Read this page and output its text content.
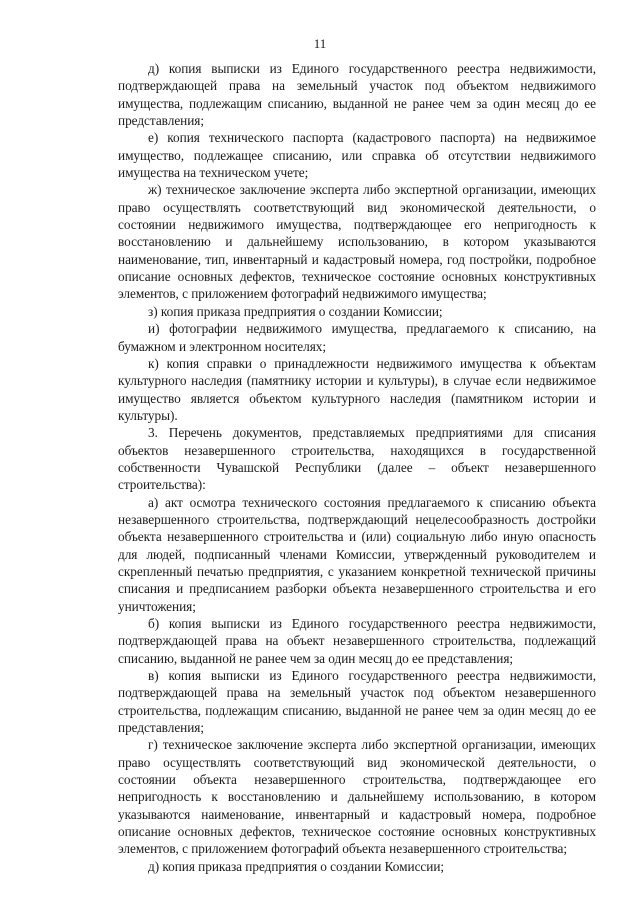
11

д) копия выписки из Единого государственного реестра недвижимости, подтверждающей права на земельный участок под объектом недвижимого имущества, подлежащим списанию, выданной не ранее чем за один месяц до ее представления;

е) копия технического паспорта (кадастрового паспорта) на недвижимое имущество, подлежащее списанию, или справка об отсутствии недвижимого имущества на техническом учете;

ж) техническое заключение эксперта либо экспертной организации, имеющих право осуществлять соответствующий вид экономической деятельности, о состоянии недвижимого имущества, подтверждающее его непригодность к восстановлению и дальнейшему использованию, в котором указываются наименование, тип, инвентарный и кадастровый номера, год постройки, подробное описание основных дефектов, техническое состояние основных конструктивных элементов, с приложением фотографий недвижимого имущества;

з) копия приказа предприятия о создании Комиссии;

и) фотографии недвижимого имущества, предлагаемого к списанию, на бумажном и электронном носителях;

к) копия справки о принадлежности недвижимого имущества к объектам культурного наследия (памятнику истории и культуры), в случае если недвижимое имущество является объектом культурного наследия (памятником истории и культуры).

3. Перечень документов, представляемых предприятиями для списания объектов незавершенного строительства, находящихся в государственной собственности Чувашской Республики (далее – объект незавершенного строительства):

а) акт осмотра технического состояния предлагаемого к списанию объекта незавершенного строительства, подтверждающий нецелесообразность достройки объекта незавершенного строительства и (или) социальную либо иную опасность для людей, подписанный членами Комиссии, утвержденный руководителем и скрепленный печатью предприятия, с указанием конкретной технической причины списания и предписанием разборки объекта незавершенного строительства и его уничтожения;

б) копия выписки из Единого государственного реестра недвижимости, подтверждающей права на объект незавершенного строительства, подлежащий списанию, выданной не ранее чем за один месяц до ее представления;

в) копия выписки из Единого государственного реестра недвижимости, подтверждающей права на земельный участок под объектом незавершенного строительства, подлежащим списанию, выданной не ранее чем за один месяц до ее представления;

г) техническое заключение эксперта либо экспертной организации, имеющих право осуществлять соответствующий вид экономической деятельности, о состоянии объекта незавершенного строительства, подтверждающее его непригодность к восстановлению и дальнейшему использованию, в котором указываются наименование, инвентарный и кадастровый номера, подробное описание основных дефектов, техническое состояние основных конструктивных элементов, с приложением фотографий объекта незавершенного строительства;

д) копия приказа предприятия о создании Комиссии;
